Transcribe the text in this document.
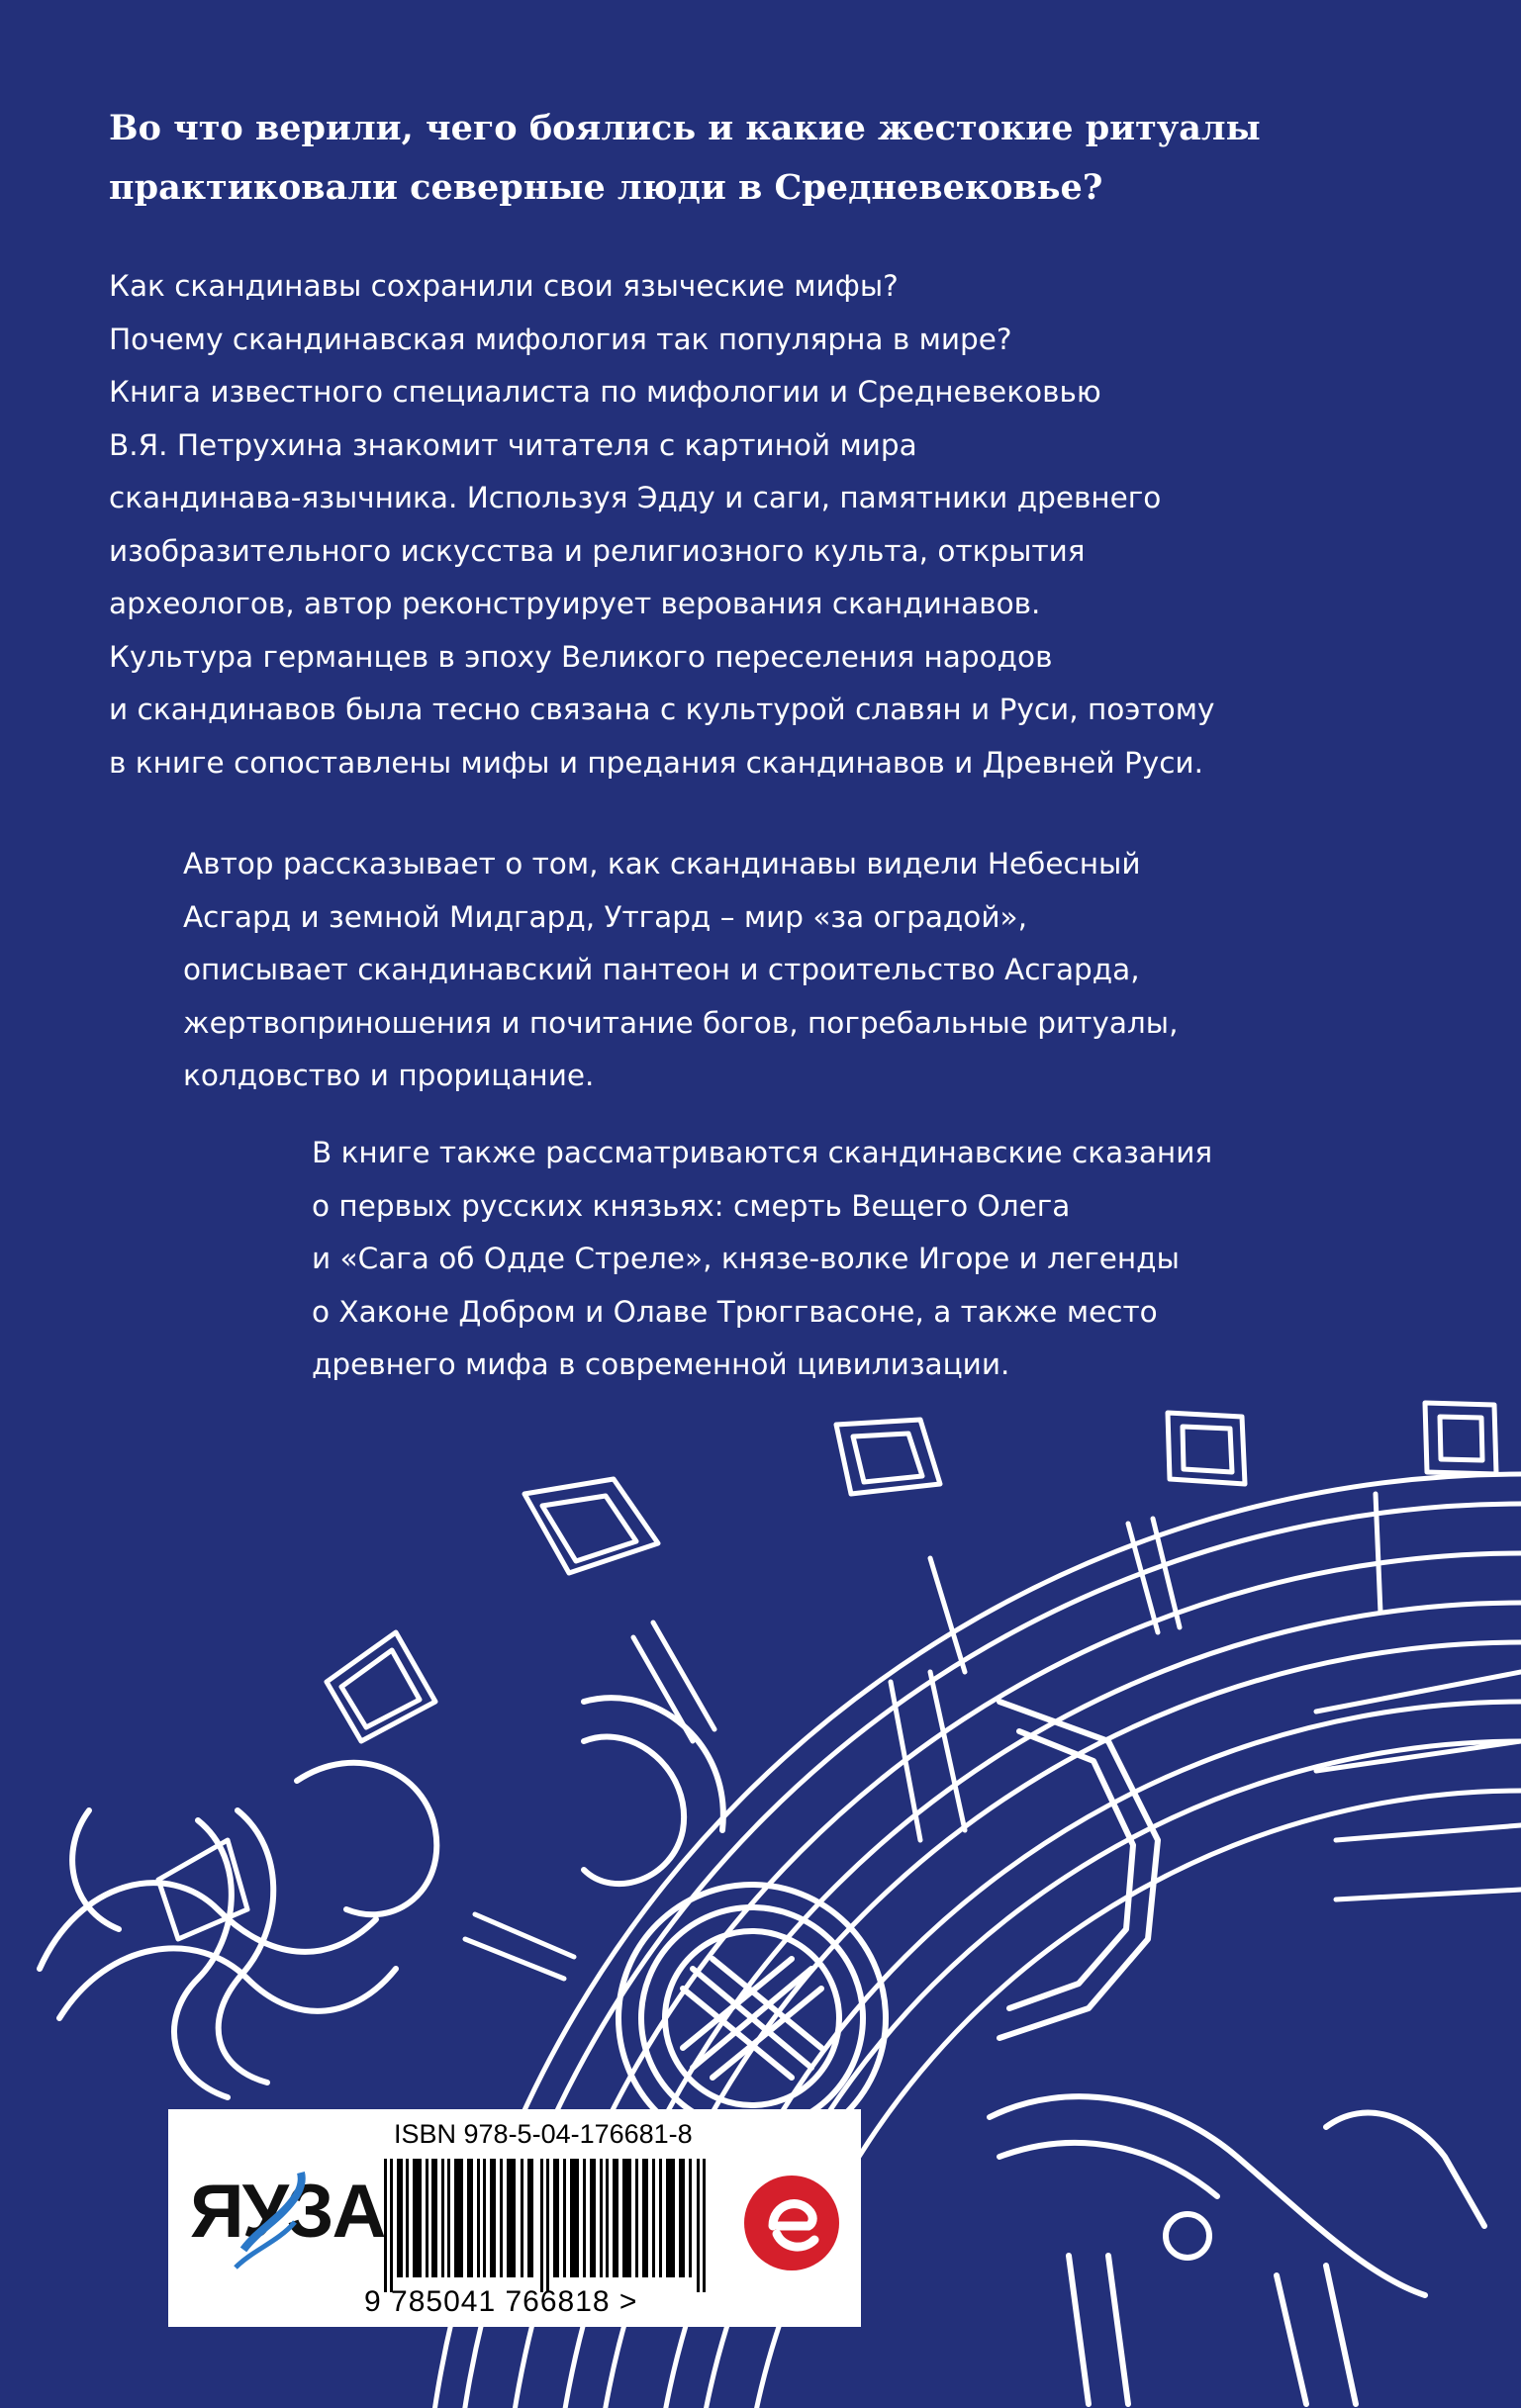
Во что верили, чего боялись и какие жестокие ритуалы
практиковали северные люди в Средневековье?
Как скандинавы сохранили свои языческие мифы?
Почему скандинавская мифология так популярна в мире?
Книга известного специалиста по мифологии и Средневековью
В.Я. Петрухина знакомит читателя с картиной мира
скандинава-язычника. Используя Эдду и саги, памятники древнего
изобразительного искусства и религиозного культа, открытия
археологов, автор реконструирует верования скандинавов.
Культура германцев в эпоху Великого переселения народов
и скандинавов была тесно связана с культурой славян и Руси, поэтому
в книге сопоставлены мифы и предания скандинавов и Древней Руси.
Автор рассказывает о том, как скандинавы видели Небесный
Асгард и земной Мидгард, Утгард – мир «за оградой»,
описывает скандинавский пантеон и строительство Асгарда,
жертвоприношения и почитание богов, погребальные ритуалы,
колдовство и прорицание.
В книге также рассматриваются скандинавские сказания
о первых русских князьях: смерть Вещего Олега
и «Сага об Одде Стреле», князе-волке Игоре и легенды
о Хаконе Добром и Олаве Трюггвасоне, а также место
древнего мифа в современной цивилизации.
ЯУЗА
ISBN 978-5-04-176681-8
9 785041 766818 >
